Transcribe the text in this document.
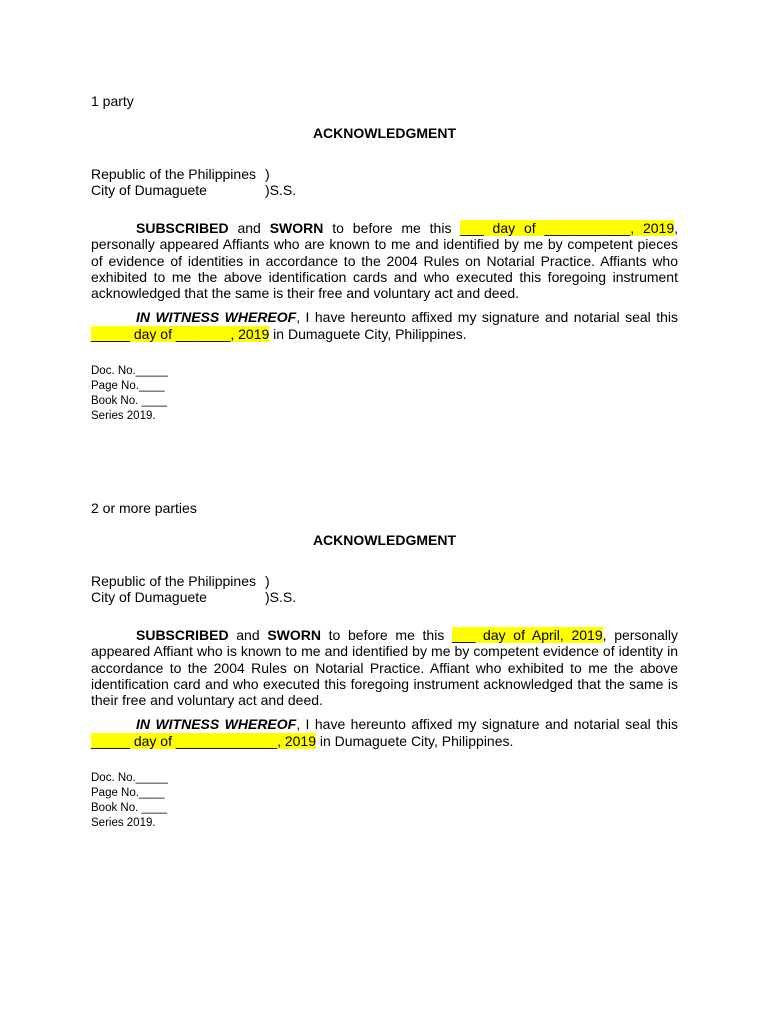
1 party

ACKNOWLEDGMENT

Republic of the Philippines )
City of Dumaguete	)S.S.

SUBSCRIBED and SWORN to before me this ___ day of ___________, 2019, personally appeared Affiants who are known to me and identified by me by competent pieces of evidence of identities in accordance to the 2004 Rules on Notarial Practice. Affiants who exhibited to me the above identification cards and who executed this foregoing instrument acknowledged that the same is their free and voluntary act and deed.

IN WITNESS WHEREOF, I have hereunto affixed my signature and notarial seal this _____ day of _______, 2019 in Dumaguete City, Philippines.

Doc. No._____
Page No.____
Book No. ____
Series 2019.

2 or more parties

ACKNOWLEDGMENT

Republic of the Philippines )
City of Dumaguete	)S.S.

SUBSCRIBED and SWORN to before me this ___ day of April, 2019, personally appeared Affiant who is known to me and identified by me by competent evidence of identity in accordance to the 2004 Rules on Notarial Practice. Affiant who exhibited to me the above identification card and who executed this foregoing instrument acknowledged that the same is their free and voluntary act and deed.

IN WITNESS WHEREOF, I have hereunto affixed my signature and notarial seal this _____ day of _____________, 2019 in Dumaguete City, Philippines.

Doc. No._____
Page No.____
Book No. ____
Series 2019.
